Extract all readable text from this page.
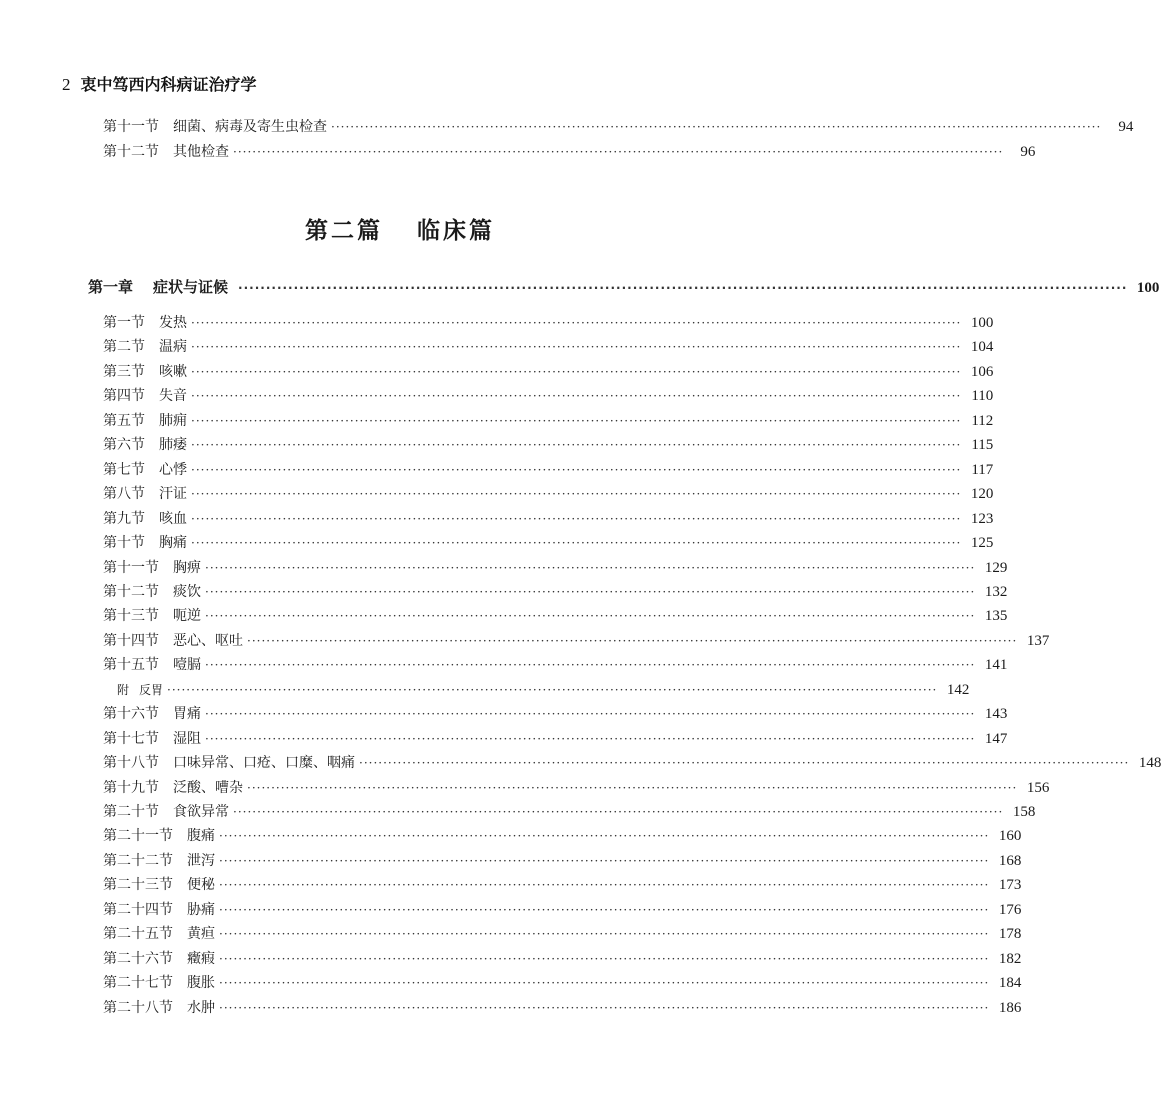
2 衷中笃西内科病证治疗学
第十一节 细菌、病毒及寄生虫检查 ································································································································································	94
第十二节 其他检查 ································································································································································	96
第二篇 临床篇
第一章 症状与证候 ································································································································································ 100
第一节 发热 ································································································································································ 100
第二节 温病 ································································································································································ 104
第三节 咳嗽 ································································································································································ 106
第四节 失音 ································································································································································ 110
第五节 肺痈 ································································································································································ 112
第六节 肺痿 ································································································································································ 115
第七节 心悸 ································································································································································ 117
第八节 汗证 ································································································································································ 120
第九节 咳血 ································································································································································ 123
第十节 胸痛 ································································································································································ 125
第十一节 胸痹 ································································································································································ 129
第十二节 痰饮 ································································································································································ 132
第十三节 呃逆 ································································································································································ 135
第十四节 恶心、呕吐 ································································································································································ 137
第十五节 噎膈 ································································································································································ 141
附 反胃 ································································································································································ 142
第十六节 胃痛 ································································································································································ 143
第十七节 湿阻 ································································································································································ 147
第十八节 口味异常、口疮、口糜、咽痛 ································································································································································ 148
第十九节 泛酸、嘈杂 ································································································································································ 156
第二十节 食欲异常 ································································································································································ 158
第二十一节 腹痛 ································································································································································ 160
第二十二节 泄泻 ································································································································································ 168
第二十三节 便秘 ································································································································································ 173
第二十四节 胁痛 ································································································································································ 176
第二十五节 黄疸 ································································································································································ 178
第二十六节 癥瘕 ································································································································································ 182
第二十七节 腹胀 ································································································································································ 184
第二十八节 水肿 ································································································································································ 186
